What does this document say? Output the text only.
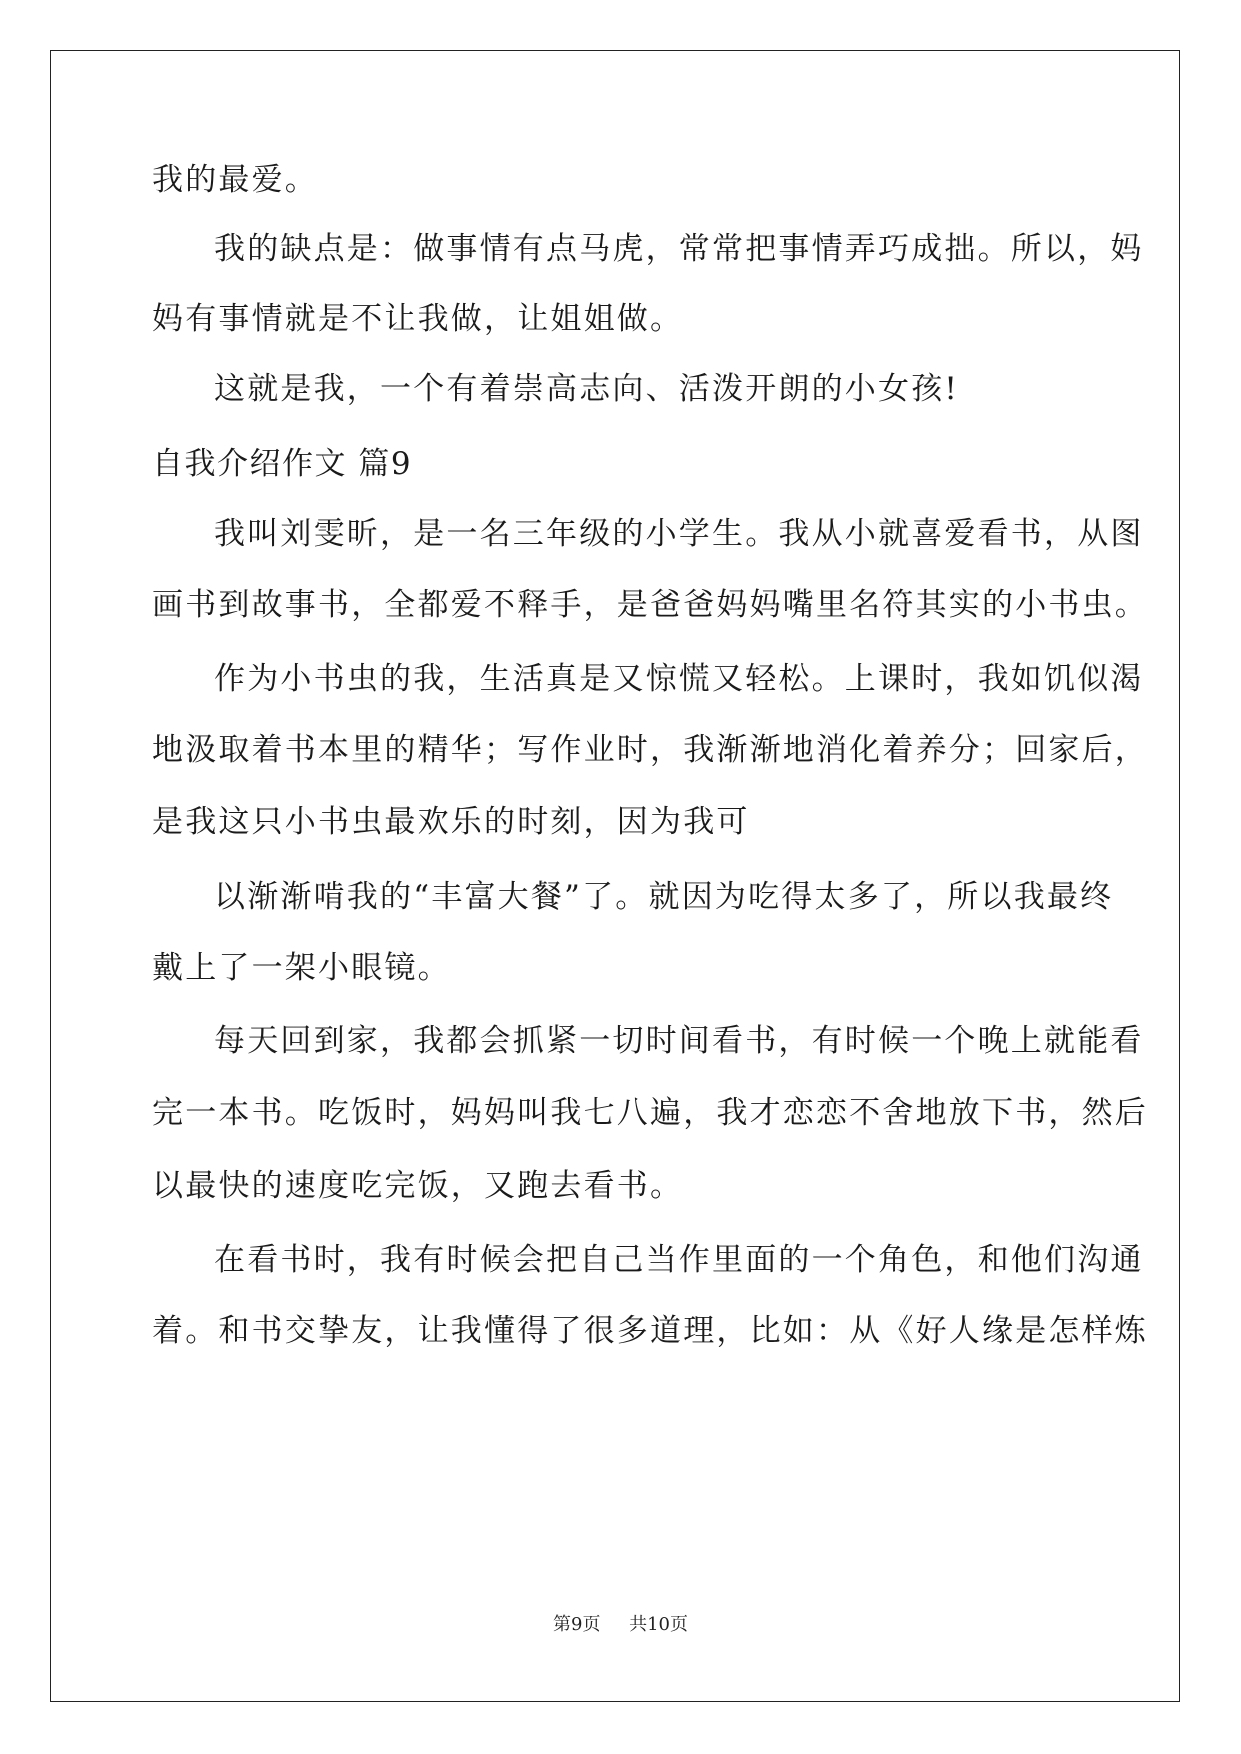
我的最爱。
我的缺点是：做事情有点马虎，常常把事情弄巧成拙。所以，妈
妈有事情就是不让我做，让姐姐做。
这就是我，一个有着崇高志向、活泼开朗的小女孩!
自我介绍作文 篇9
我叫刘雯昕，是一名三年级的小学生。我从小就喜爱看书，从图
画书到故事书，全都爱不释手，是爸爸妈妈嘴里名符其实的小书虫。
作为小书虫的我，生活真是又惊慌又轻松。上课时，我如饥似渴
地汲取着书本里的精华；写作业时，我渐渐地消化着养分；回家后，
是我这只小书虫最欢乐的时刻，因为我可
以渐渐啃我的“丰富大餐”了。就因为吃得太多了，所以我最终
戴上了一架小眼镜。
每天回到家，我都会抓紧一切时间看书，有时候一个晚上就能看
完一本书。吃饭时，妈妈叫我七八遍，我才恋恋不舍地放下书，然后
以最快的速度吃完饭，又跑去看书。
在看书时，我有时候会把自己当作里面的一个角色，和他们沟通
着。和书交挚友，让我懂得了很多道理，比如：从《好人缘是怎样炼
第9页 共10页
